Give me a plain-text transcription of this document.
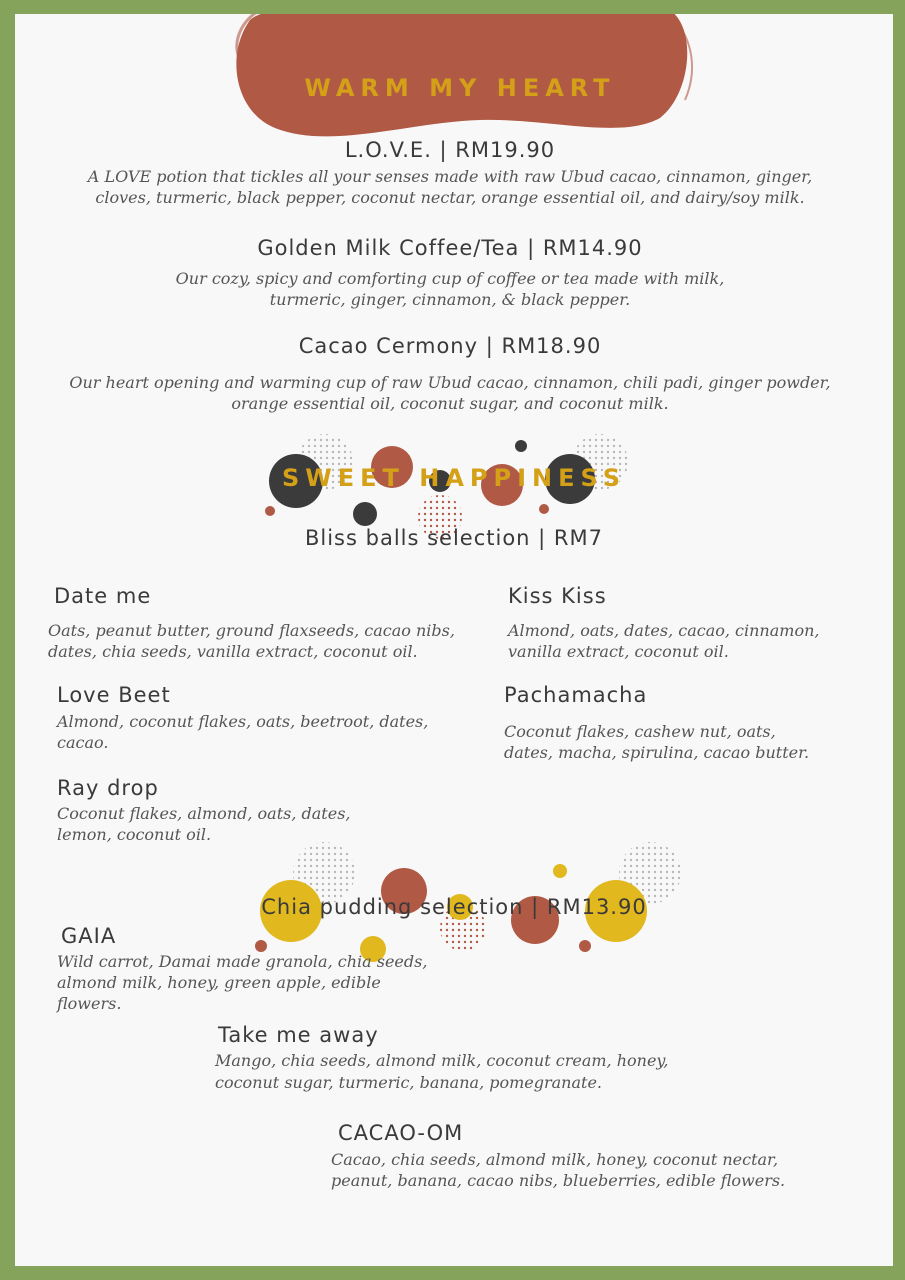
WARM MY HEART
L.O.V.E. | RM19.90
A LOVE potion that tickles all your senses made with raw Ubud cacao, cinnamon, ginger,
cloves, turmeric, black pepper, coconut nectar, orange essential oil, and dairy/soy milk.
Golden Milk Coffee/Tea | RM14.90
Our cozy, spicy and comforting cup of coffee or tea made with milk,
turmeric, ginger, cinnamon, & black pepper.
Cacao Cermony | RM18.90
Our heart opening and warming cup of raw Ubud cacao, cinnamon, chili padi, ginger powder,
orange essential oil, coconut sugar, and coconut milk.
SWEET HAPPINESS
Bliss balls selection | RM7
Date me
Oats, peanut butter, ground flaxseeds, cacao nibs,
dates, chia seeds, vanilla extract, coconut oil.
Kiss Kiss
Almond, oats, dates, cacao, cinnamon,
vanilla extract, coconut oil.
Love Beet
Almond, coconut flakes, oats, beetroot, dates,
cacao.
Pachamacha
Coconut flakes, cashew nut, oats,
dates, macha, spirulina, cacao butter.
Ray drop
Coconut flakes, almond, oats, dates,
lemon, coconut oil.
Chia pudding selection | RM13.90
GAIA
Wild carrot, Damai made granola, chia seeds,
almond milk, honey, green apple, edible
flowers.
Take me away
Mango, chia seeds, almond milk, coconut cream, honey,
coconut sugar, turmeric, banana, pomegranate.
CACAO-OM
Cacao, chia seeds, almond milk, honey, coconut nectar,
peanut, banana, cacao nibs, blueberries, edible flowers.
